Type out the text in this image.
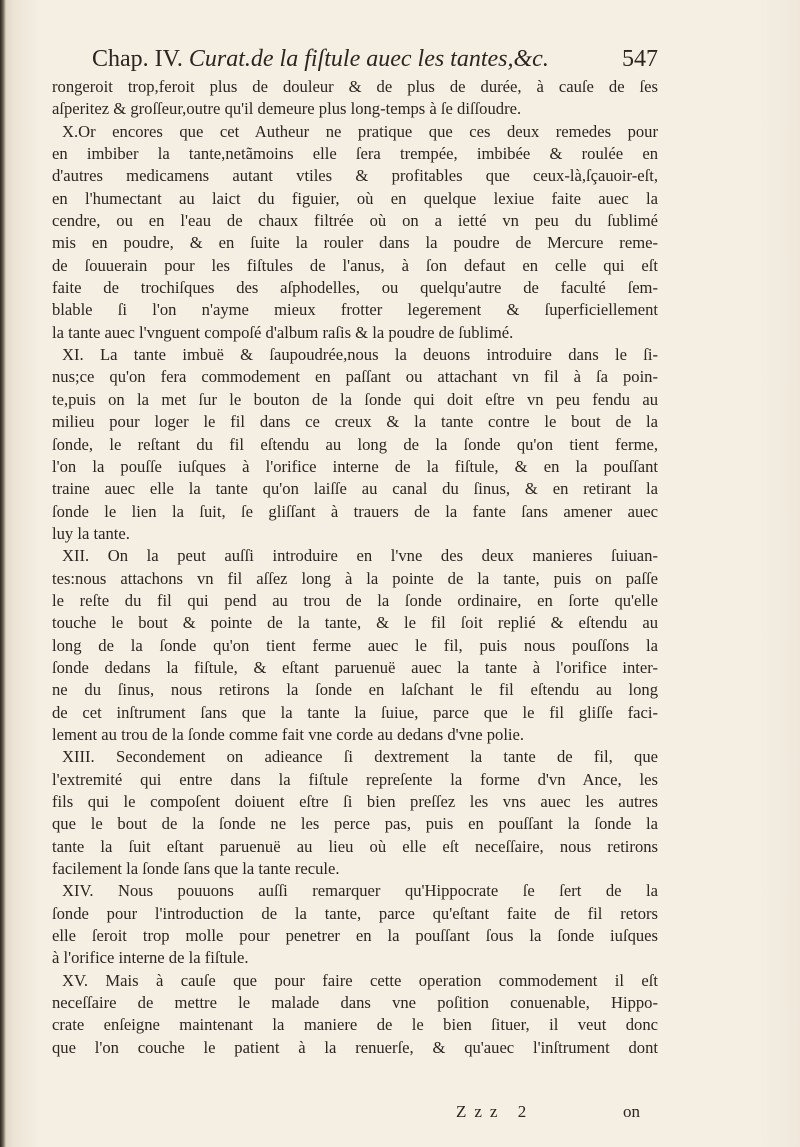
Chap. IV. Curat.de la fiſtule auec les tantes,&c.	547
rongeroit trop,feroit plus de douleur & de plus de durée, à cauſe de ſes
aſperitez & groſſeur,outre qu'il demeure plus long-temps à ſe diſſoudre.
X.Or encores que cet Autheur ne pratique que ces deux remedes pour
en imbiber la tante,netãmoins elle ſera trempée, imbibée & roulée en
d'autres medicamens autant vtiles & profitables que ceux-là,ſçauoir-eſt,
en l'humectant au laict du figuier, où en quelque lexiue faite auec la
cendre, ou en l'eau de chaux filtrée où on a ietté vn peu du ſublimé
mis en poudre, & en ſuite la rouler dans la poudre de Mercure reme-
de ſouuerain pour les fiſtules de l'anus, à ſon defaut en celle qui eſt
faite de trochiſques des aſphodelles, ou quelqu'autre de faculté ſem-
blable ſi l'on n'ayme mieux frotter legerement & ſuperficiellement
la tante auec l'vnguent compoſé d'album raſis & la poudre de ſublimé.
XI. La tante imbuë & ſaupoudrée,nous la deuons introduire dans le ſi-
nus;ce qu'on fera commodement en paſſant ou attachant vn fil à ſa poin-
te,puis on la met ſur le bouton de la ſonde qui doit eſtre vn peu fendu au
milieu pour loger le fil dans ce creux & la tante contre le bout de la
ſonde, le reſtant du fil eſtendu au long de la ſonde qu'on tient ferme,
l'on la pouſſe iuſques à l'orifice interne de la fiſtule, & en la pouſſant
traine auec elle la tante qu'on laiſſe au canal du ſinus, & en retirant la
ſonde le lien la ſuit, ſe gliſſant à trauers de la fante ſans amener auec
luy la tante.
XII. On la peut auſſi introduire en l'vne des deux manieres ſuiuan-
tes:nous attachons vn fil aſſez long à la pointe de la tante, puis on paſſe
le reſte du fil qui pend au trou de la ſonde ordinaire, en ſorte qu'elle
touche le bout & pointe de la tante, & le fil ſoit replié & eſtendu au
long de la ſonde qu'on tient ferme auec le fil, puis nous pouſſons la
ſonde dedans la fiſtule, & eſtant paruenuë auec la tante à l'orifice inter-
ne du ſinus, nous retirons la ſonde en laſchant le fil eſtendu au long
de cet inſtrument ſans que la tante la ſuiue, parce que le fil gliſſe faci-
lement au trou de la ſonde comme fait vne corde au dedans d'vne polie.
XIII. Secondement on adieance ſi dextrement la tante de fil, que
l'extremité qui entre dans la fiſtule repreſente la forme d'vn Ance, les
fils qui le compoſent doiuent eſtre ſi bien preſſez les vns auec les autres
que le bout de la ſonde ne les perce pas, puis en pouſſant la ſonde la
tante la ſuit eſtant paruenuë au lieu où elle eſt neceſſaire, nous retirons
facilement la ſonde ſans que la tante recule.
XIV. Nous pouuons auſſi remarquer qu'Hippocrate ſe ſert de la
ſonde pour l'introduction de la tante, parce qu'eſtant faite de fil retors
elle ſeroit trop molle pour penetrer en la pouſſant ſous la ſonde iuſques
à l'orifice interne de la fiſtule.
XV. Mais à cauſe que pour faire cette operation commodement il eſt
neceſſaire de mettre le malade dans vne poſition conuenable, Hippo-
crate enſeigne maintenant la maniere de le bien ſituer, il veut donc
que l'on couche le patient à la renuerſe, & qu'auec l'inſtrument dont
Zzz 2	on
